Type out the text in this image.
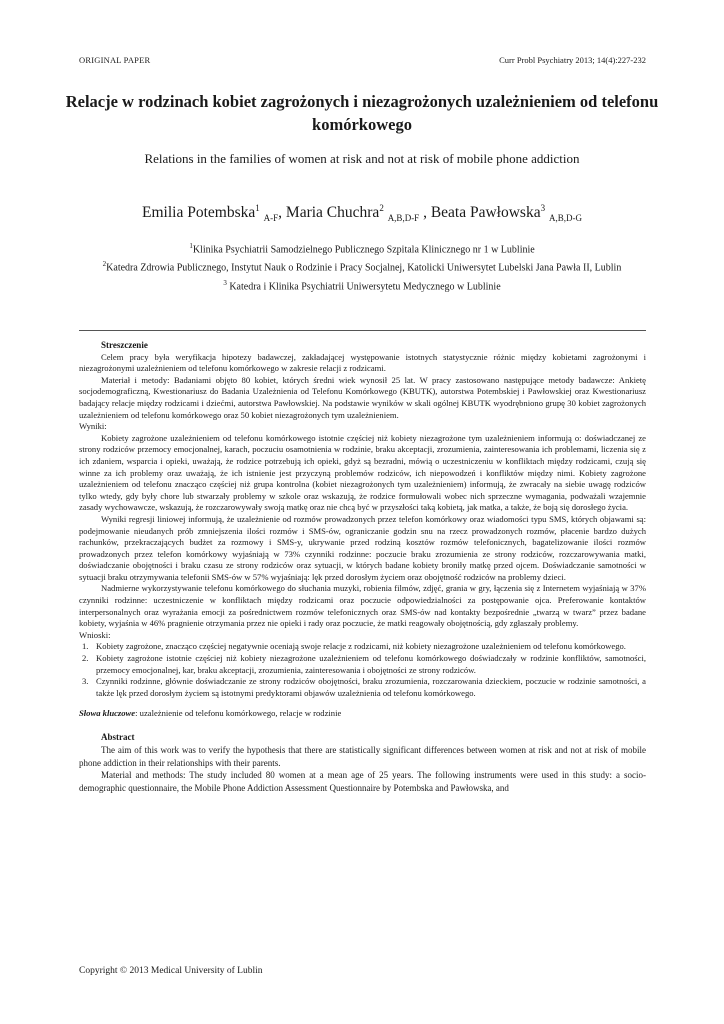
ORIGINAL PAPER	Curr Probl Psychiatry 2013; 14(4):227-232
Relacje w rodzinach kobiet zagrożonych i niezagrożonych uzależnieniem od telefonu komórkowego
Relations in the families of women at risk and not at risk of mobile phone addiction
Emilia Potembska$^1$ $_{A-F}$, Maria Chuchra$^2$ $_{A,B,D-F}$ , Beata Pawłowska$^3$ $_{A,B,D-G}$
$^1$Klinika Psychiatrii Samodzielnego Publicznego Szpitala Klinicznego nr 1 w Lublinie
$^2$Katedra Zdrowia Publicznego, Instytut Nauk o Rodzinie i Pracy Socjalnej, Katolicki Uniwersytet Lubelski Jana Pawła II, Lublin
$^3$ Katedra i Klinika Psychiatrii Uniwersytetu Medycznego w Lublinie

Streszczenie

Celem pracy była weryfikacja hipotezy badawczej, zakładającej występowanie istotnych statystycznie różnic między kobietami zagrożonymi i niezagrożonymi uzależnieniem od telefonu komórkowego w zakresie relacji z rodzicami.

Materiał i metody: Badaniami objęto 80 kobiet, których średni wiek wynosił 25 lat. W pracy zastosowano następujące metody badawcze: Ankietę socjodemograficzną, Kwestionariusz do Badania Uzależnienia od Telefonu Komórkowego (KBUTK), autorstwa Potembskiej i Pawłowskiej oraz Kwestionariusz badający relacje między rodzicami i dziećmi, autorstwa Pawłowskiej. Na podstawie wyników w skali ogólnej KBUTK wyodrębniono grupę 30 kobiet zagrożonych uzależnieniem od telefonu komórkowego oraz 50 kobiet niezagrożonych tym uzależnieniem.

Wyniki:

Kobiety zagrożone uzależnieniem od telefonu komórkowego istotnie częściej niż kobiety niezagrożone tym uzależnieniem informują o: doświadczanej ze strony rodziców przemocy emocjonalnej, karach, poczuciu osamotnienia w rodzinie, braku akceptacji, zrozumienia, zainteresowania ich problemami, liczenia się z ich zdaniem, wsparcia i opieki, uważają, że rodzice potrzebują ich opieki, gdyż są bezradni, mówią o uczestniczeniu w konfliktach między rodzicami, czują się winne za ich problemy oraz uważają, że ich istnienie jest przyczyną problemów rodziców, ich niepowodzeń i konfliktów między nimi. Kobiety zagrożone uzależnieniem od telefonu znacząco częściej niż grupa kontrolna (kobiet niezagrożonych tym uzależnieniem) informują, że zwracały na siebie uwagę rodziców tylko wtedy, gdy były chore lub stwarzały problemy w szkole oraz wskazują, że rodzice formułowali wobec nich sprzeczne wymagania, podważali wzajemnie zasady wychowawcze, wskazują, że rozczarowywały swoją matkę oraz nie chcą być w przyszłości taką kobietą, jak matka, a także, że boją się dorosłego życia.

Wyniki regresji liniowej informują, że uzależnienie od rozmów prowadzonych przez telefon komórkowy oraz wiadomości typu SMS, których objawami są: podejmowanie nieudanych prób zmniejszenia ilości rozmów i SMS-ów, ograniczanie godzin snu na rzecz prowadzonych rozmów, płacenie bardzo dużych rachunków, przekraczających budżet za rozmowy i SMS-y, ukrywanie przed rodziną kosztów rozmów telefonicznych, bagatelizowanie ilości rozmów prowadzonych przez telefon komórkowy wyjaśniają w 73% czynniki rodzinne: poczucie braku zrozumienia ze strony rodziców, rozczarowywania matki, doświadczanie obojętności i braku czasu ze strony rodziców oraz sytuacji, w których badane kobiety broniły matkę przed ojcem. Doświadczanie samotności w sytuacji braku otrzymywania telefonii SMS-ów w 57% wyjaśniają: lęk przed dorosłym życiem oraz obojętność rodziców na problemy dzieci.

Nadmierne wykorzystywanie telefonu komórkowego do słuchania muzyki, robienia filmów, zdjęć, grania w gry, łączenia się z Internetem wyjaśniają w 37% czynniki rodzinne: uczestniczenie w konfliktach między rodzicami oraz poczucie odpowiedzialności za postępowanie ojca. Preferowanie kontaktów interpersonalnych oraz wyrażania emocji za pośrednictwem rozmów telefonicznych oraz SMS-ów nad kontakty bezpośrednie „twarzą w twarz” przez badane kobiety, wyjaśnia w 46% pragnienie otrzymania przez nie opieki i rady oraz poczucie, że matki reagowały obojętnością, gdy zgłaszały problemy.

Wnioski:

1. Kobiety zagrożone, znacząco częściej negatywnie oceniają swoje relacje z rodzicami, niż kobiety niezagrożone uzależnieniem od telefonu komórkowego.
2. Kobiety zagrożone istotnie częściej niż kobiety niezagrożone uzależnieniem od telefonu komórkowego doświadczały w rodzinie konfliktów, samotności, przemocy emocjonalnej, kar, braku akceptacji, zrozumienia, zainteresowania i obojętności ze strony rodziców.
3. Czynniki rodzinne, głównie doświadczanie ze strony rodziców obojętności, braku zrozumienia, rozczarowania dzieckiem, poczucie w rodzinie samotności, a także lęk przed dorosłym życiem są istotnymi predyktorami objawów uzależnienia od telefonu komórkowego.

Słowa kluczowe: uzależnienie od telefonu komórkowego, relacje w rodzinie

Abstract

The aim of this work was to verify the hypothesis that there are statistically significant differences between women at risk and not at risk of mobile phone addiction in their relationships with their parents.

Material and methods: The study included 80 women at a mean age of 25 years. The following instruments were used in this study: a socio-demographic questionnaire, the Mobile Phone Addiction Assessment Questionnaire by Potembska and Pawłowska, and

Copyright © 2013 Medical University of Lublin
